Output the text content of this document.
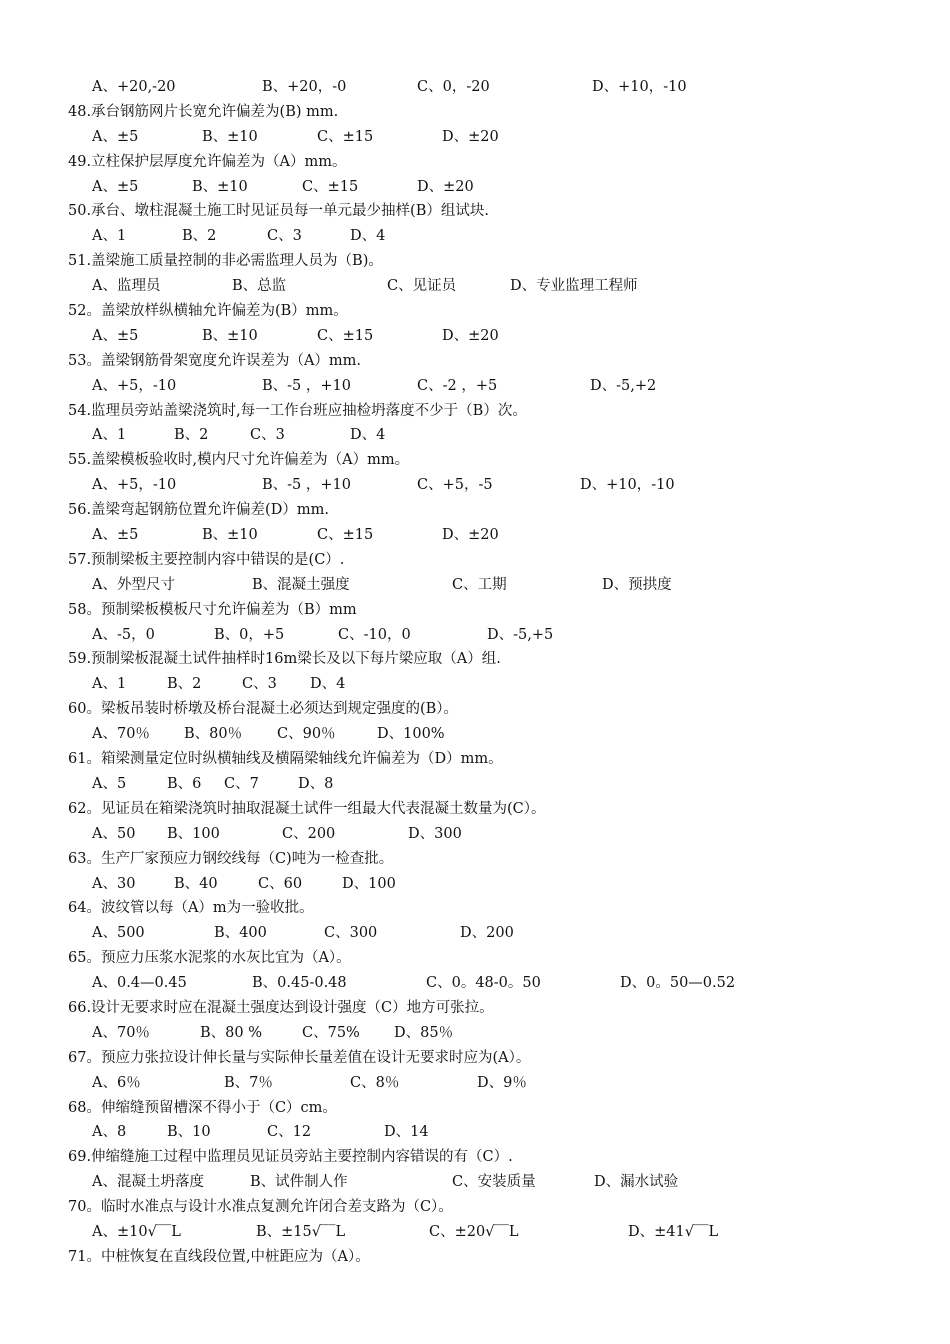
A、+20,-20	B、+20，-0	C、0，-20	D、+10，-10
48.承台钢筋网片长宽允许偏差为(B) mm.
A、±5	B、±10	C、±15	D、±20
49.立柱保护层厚度允许偏差为（A）mm。
A、±5	B、±10	C、±15	D、±20
50.承台、墩柱混凝土施工时见证员每一单元最少抽样(B）组试块.
A、1	B、2	C、3	D、4
51.盖梁施工质量控制的非必需监理人员为（B)。
A、监理员	B、总监	C、见证员	D、专业监理工程师
52。盖梁放样纵横轴允许偏差为(B）mm。
A、±5	B、±10	C、±15	D、±20
53。盖梁钢筋骨架宽度允许误差为（A）mm.
A、+5，-10	B、-5 ，+10	C、-2 ，+5	D、-5,+2
54.监理员旁站盖梁浇筑时,每一工作台班应抽检坍落度不少于（B）次。
A、1	B、2	C、3	D、4
55.盖梁模板验收时,模内尺寸允许偏差为（A）mm。
A、+5，-10	B、-5 ，+10	C、+5，-5	D、+10，-10
56.盖梁弯起钢筋位置允许偏差(D）mm.
A、±5	B、±10	C、±15	D、±20
57.预制梁板主要控制内容中错误的是(C）.
A、外型尺寸	B、混凝土强度	C、工期	D、预拱度
58。预制梁板模板尺寸允许偏差为（B）mm
A、-5，0	B、0，+5	C、-10，0	D、-5,+5
59.预制梁板混凝土试件抽样时16m梁长及以下每片梁应取（A）组.
A、1	B、2	C、3 D、4
60。梁板吊装时桥墩及桥台混凝土必须达到规定强度的(B）。
A、70％ B、80％ C、90％	D、100%
61。箱梁测量定位时纵横轴线及横隔梁轴线允许偏差为（D）mm。
A、5	B、6 C、7	D、8
62。见证员在箱梁浇筑时抽取混凝土试件一组最大代表混凝土数量为(C）。
A、50 B、100	C、200	D、300
63。生产厂家预应力钢绞线每（C)吨为一检查批。
A、30	B、40	C、60	D、100
64。波纹管以每（A）m为一验收批。
A、500	B、400	C、300	D、200
65。预应力压浆水泥浆的水灰比宜为（A）。
A、0.4—0.45	B、0.45-0.48	C、0。48-0。50	D、0。50—0.52
66.设计无要求时应在混凝土强度达到设计强度（C）地方可张拉。
A、70％	B、80 %	C、75% D、85％
67。预应力张拉设计伸长量与实际伸长量差值在设计无要求时应为(A）。
A、6％	B、7％	C、8％	D、9％
68。伸缩缝预留槽深不得小于（C）cm。
A、8	B、10	C、12	D、14
69.伸缩缝施工过程中监理员见证员旁站主要控制内容错误的有（C）.
A、混凝土坍落度	B、试件制人作	C、安装质量	D、漏水试验
70。临时水准点与设计水准点复测允许闭合差支路为（C）。
A、±10√‾‾L	B、±15√‾‾L	C、±20√‾‾L	D、±41√‾‾L
71。中桩恢复在直线段位置,中桩距应为（A）。
